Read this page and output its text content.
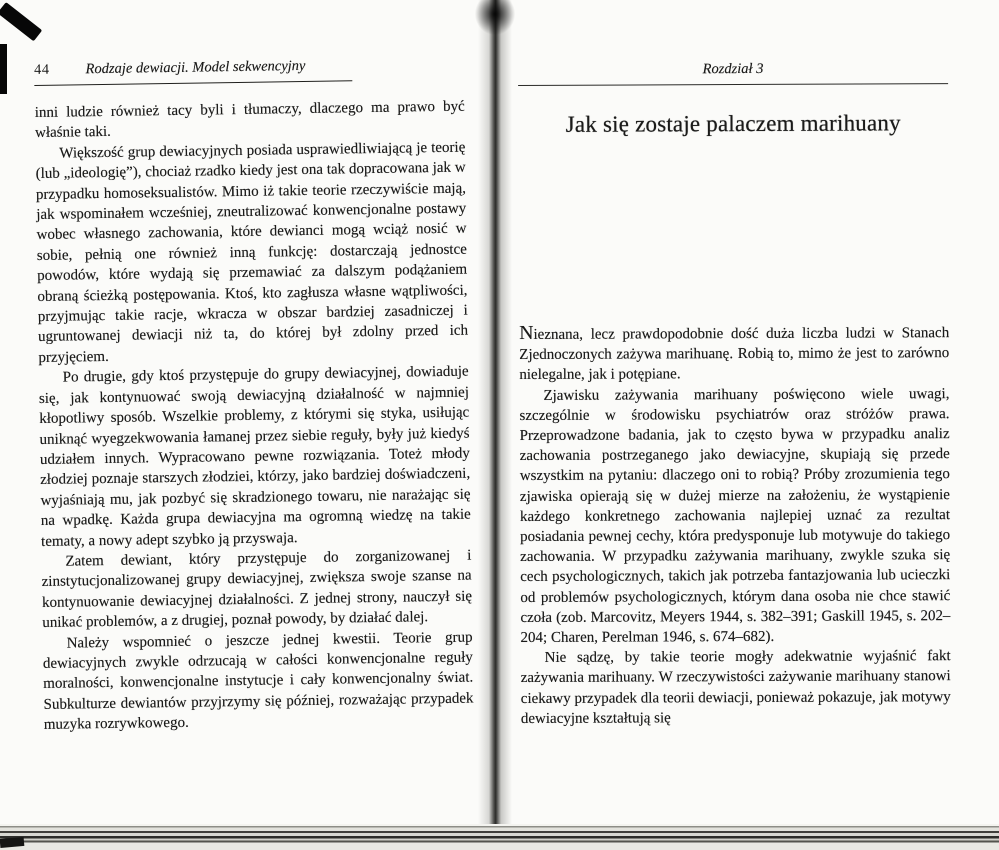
44 Rodzaje dewiacji. Model sekwencyjny

inni ludzie również tacy byli i tłumaczy, dlaczego ma prawo być właśnie taki.

Większość grup dewiacyjnych posiada usprawiedliwiającą je teorię (lub „ideologię”), chociaż rzadko kiedy jest ona tak dopracowana jak w przypadku homoseksualistów. Mimo iż takie teorie rzeczywiście mają, jak wspominałem wcześniej, zneutralizować konwencjonalne postawy wobec własnego zachowania, które dewianci mogą wciąż nosić w sobie, pełnią one również inną funkcję: dostarczają jednostce powodów, które wydają się przemawiać za dalszym podążaniem obraną ścieżką postępowania. Ktoś, kto zagłusza własne wątpliwości, przyjmując takie racje, wkracza w obszar bardziej zasadniczej i ugruntowanej dewiacji niż ta, do której był zdolny przed ich przyjęciem.

Po drugie, gdy ktoś przystępuje do grupy dewiacyjnej, dowiaduje się, jak kontynuować swoją dewiacyjną działalność w najmniej kłopotliwy sposób. Wszelkie problemy, z którymi się styka, usiłując uniknąć wyegzekwowania łamanej przez siebie reguły, były już kiedyś udziałem innych. Wypracowano pewne rozwiązania. Toteż młody złodziej poznaje starszych złodziei, którzy, jako bardziej doświadczeni, wyjaśniają mu, jak pozbyć się skradzionego towaru, nie narażając się na wpadkę. Każda grupa dewiacyjna ma ogromną wiedzę na takie tematy, a nowy adept szybko ją przyswaja.

Zatem dewiant, który przystępuje do zorganizowanej i zinstytucjonalizowanej grupy dewiacyjnej, zwiększa swoje szanse na kontynuowanie dewiacyjnej działalności. Z jednej strony, nauczył się unikać problemów, a z drugiej, poznał powody, by działać dalej.

Należy wspomnieć o jeszcze jednej kwestii. Teorie grup dewiacyjnych zwykle odrzucają w całości konwencjonalne reguły moralności, konwencjonalne instytucje i cały konwencjonalny świat. Subkulturze dewiantów przyjrzymy się później, rozważając przypadek muzyka rozrywkowego.

Rozdział 3
Jak się zostaje palaczem marihuany

Nieznana, lecz prawdopodobnie dość duża liczba ludzi w Stanach Zjednoczonych zażywa marihuanę. Robią to, mimo że jest to zarówno nielegalne, jak i potępiane.

Zjawisku zażywania marihuany poświęcono wiele uwagi, szczególnie w środowisku psychiatrów oraz stróżów prawa. Przeprowadzone badania, jak to często bywa w przypadku analiz zachowania postrzeganego jako dewiacyjne, skupiają się przede wszystkim na pytaniu: dlaczego oni to robią? Próby zrozumienia tego zjawiska opierają się w dużej mierze na założeniu, że wystąpienie każdego konkretnego zachowania najlepiej uznać za rezultat posiadania pewnej cechy, która predysponuje lub motywuje do takiego zachowania. W przypadku zażywania marihuany, zwykle szuka się cech psychologicznych, takich jak potrzeba fantazjowania lub ucieczki od problemów psychologicznych, którym dana osoba nie chce stawić czoła (zob. Marcovitz, Meyers 1944, s. 382–391; Gaskill 1945, s. 202–204; Charen, Perelman 1946, s. 674–682).

Nie sądzę, by takie teorie mogły adekwatnie wyjaśnić fakt zażywania marihuany. W rzeczywistości zażywanie marihuany stanowi ciekawy przypadek dla teorii dewiacji, ponieważ pokazuje, jak motywy dewiacyjne kształtują się
